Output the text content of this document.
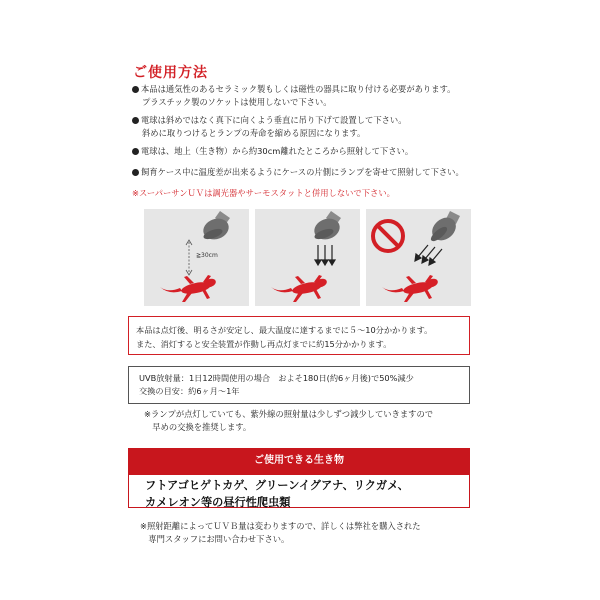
ご使用方法
本品は通気性のあるセラミック製もしくは磁性の器具に取り付ける必要があります。
プラスチック製のソケットは使用しないで下さい。
電球は斜めではなく真下に向くよう垂直に吊り下げて設置して下さい。
斜めに取りつけるとランプの寿命を縮める原因になります。
電球は、地上（生き物）から約30cm離れたところから照射して下さい。
飼育ケース中に温度差が出来るようにケースの片側にランプを寄せて照射して下さい。
※スーパーサンＵＶは調光器やサーモスタットと併用しないで下さい。
≧30cm
本品は点灯後、明るさが安定し、最大温度に達するまでに５～10分かかります。
また、消灯すると安全装置が作動し再点灯までに約15分かかります。
UVB放射量：1日12時間使用の場合　およそ180日(約6ヶ月後)で50%減少
交換の目安：約6ヶ月～1年
※ランプが点灯していても、紫外線の照射量は少しずつ減少していきますので
　早めの交換を推奨します。
ご使用できる生き物
フトアゴヒゲトカゲ、グリーンイグアナ、リクガメ、
カメレオン等の昼行性爬虫類
※照射距離によってＵＶＢ量は変わりますので、詳しくは弊社を購入された
　専門スタッフにお問い合わせ下さい。
